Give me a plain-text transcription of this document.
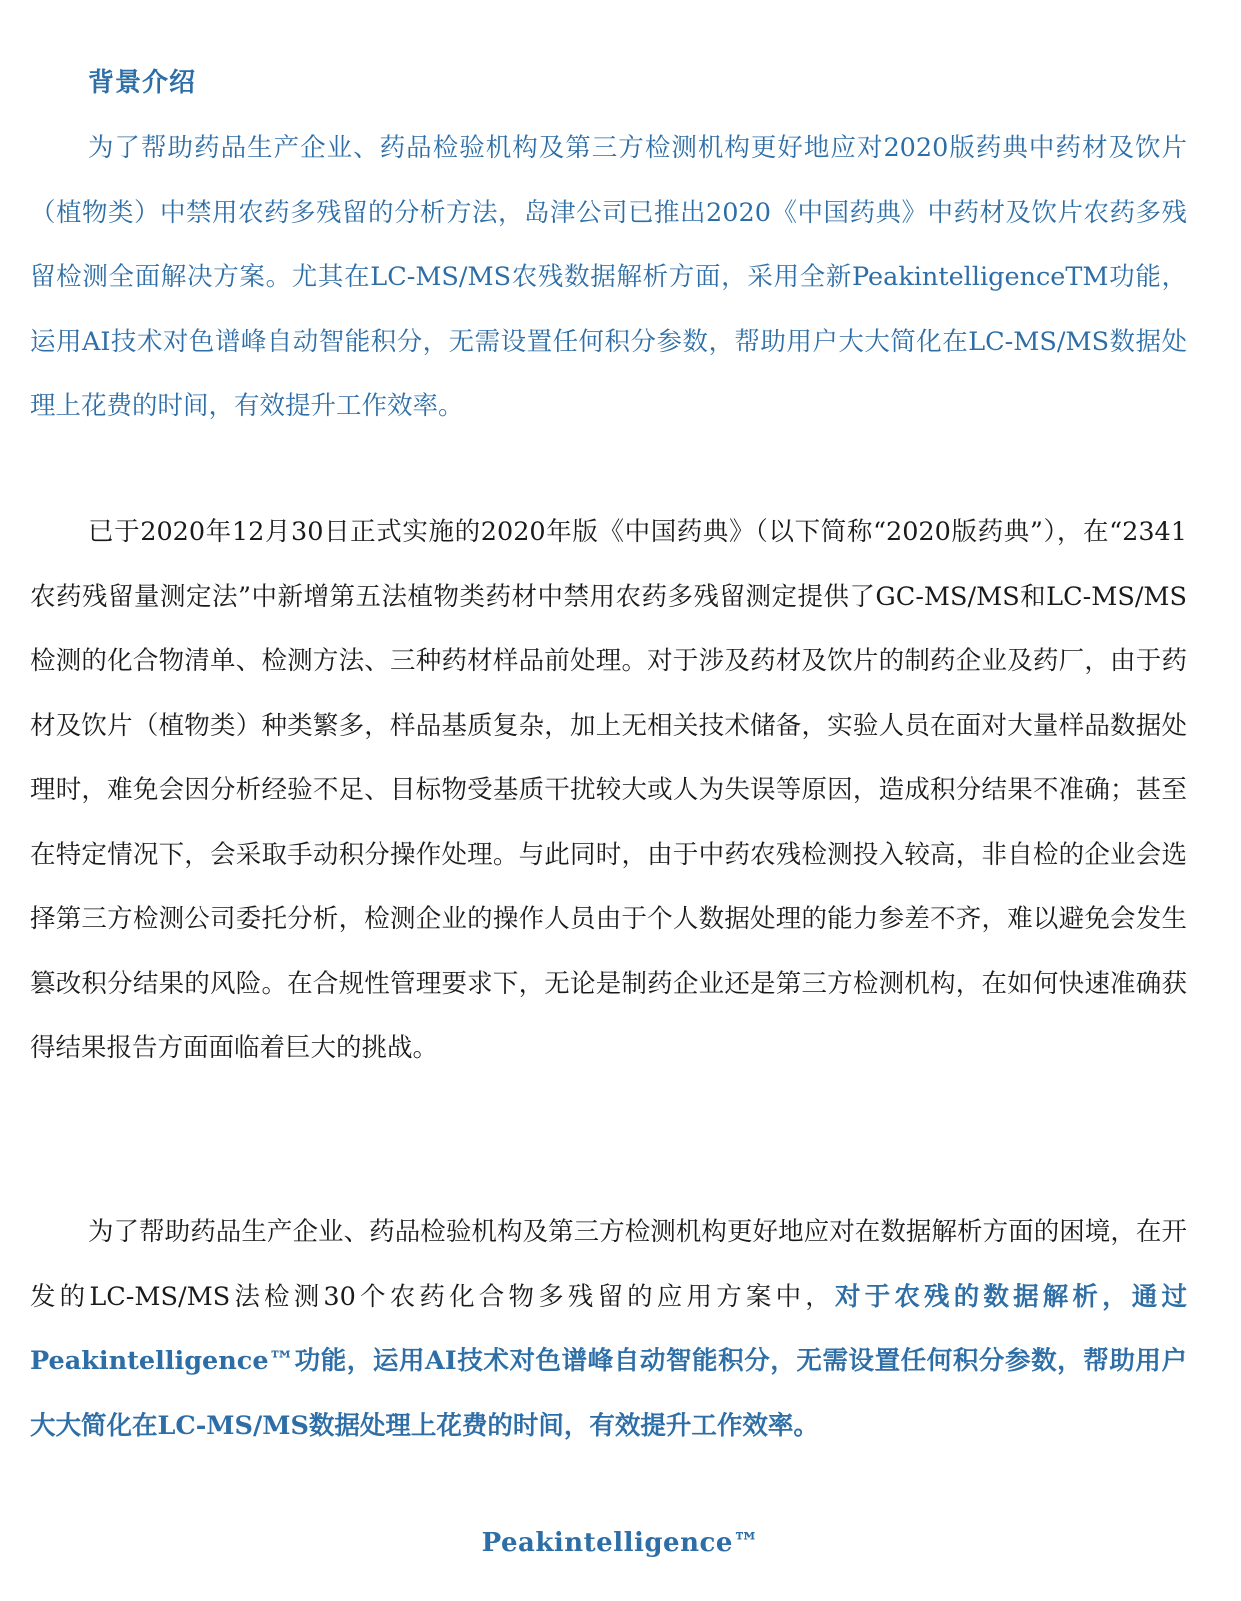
背景介绍

为了帮助药品生产企业、药品检验机构及第三方检测机构更好地应对2020版药典中药材及饮片（植物类）中禁用农药多残留的分析方法，岛津公司已推出2020《中国药典》中药材及饮片农药多残留检测全面解决方案。尤其在LC-MS/MS农残数据解析方面，采用全新PeakintelligenceTM功能，运用AI技术对色谱峰自动智能积分，无需设置任何积分参数，帮助用户大大简化在LC-MS/MS数据处理上花费的时间，有效提升工作效率。

已于2020年12月30日正式实施的2020年版《中国药典》（以下简称“2020版药典”），在“2341 农药残留量测定法”中新增第五法植物类药材中禁用农药多残留测定提供了GC-MS/MS和LC-MS/MS检测的化合物清单、检测方法、三种药材样品前处理。对于涉及药材及饮片的制药企业及药厂，由于药材及饮片（植物类）种类繁多，样品基质复杂，加上无相关技术储备，实验人员在面对大量样品数据处理时，难免会因分析经验不足、目标物受基质干扰较大或人为失误等原因，造成积分结果不准确；甚至在特定情况下，会采取手动积分操作处理。与此同时，由于中药农残检测投入较高，非自检的企业会选择第三方检测公司委托分析，检测企业的操作人员由于个人数据处理的能力参差不齐，难以避免会发生篡改积分结果的风险。在合规性管理要求下，无论是制药企业还是第三方检测机构，在如何快速准确获得结果报告方面面临着巨大的挑战。

为了帮助药品生产企业、药品检验机构及第三方检测机构更好地应对在数据解析方面的困境，在开发的LC-MS/MS法检测30个农药化合物多残留的应用方案中，对于农残的数据解析，通过Peakintelligence™功能，运用AI技术对色谱峰自动智能积分，无需设置任何积分参数，帮助用户大大简化在LC-MS/MS数据处理上花费的时间，有效提升工作效率。

Peakintelligence™
